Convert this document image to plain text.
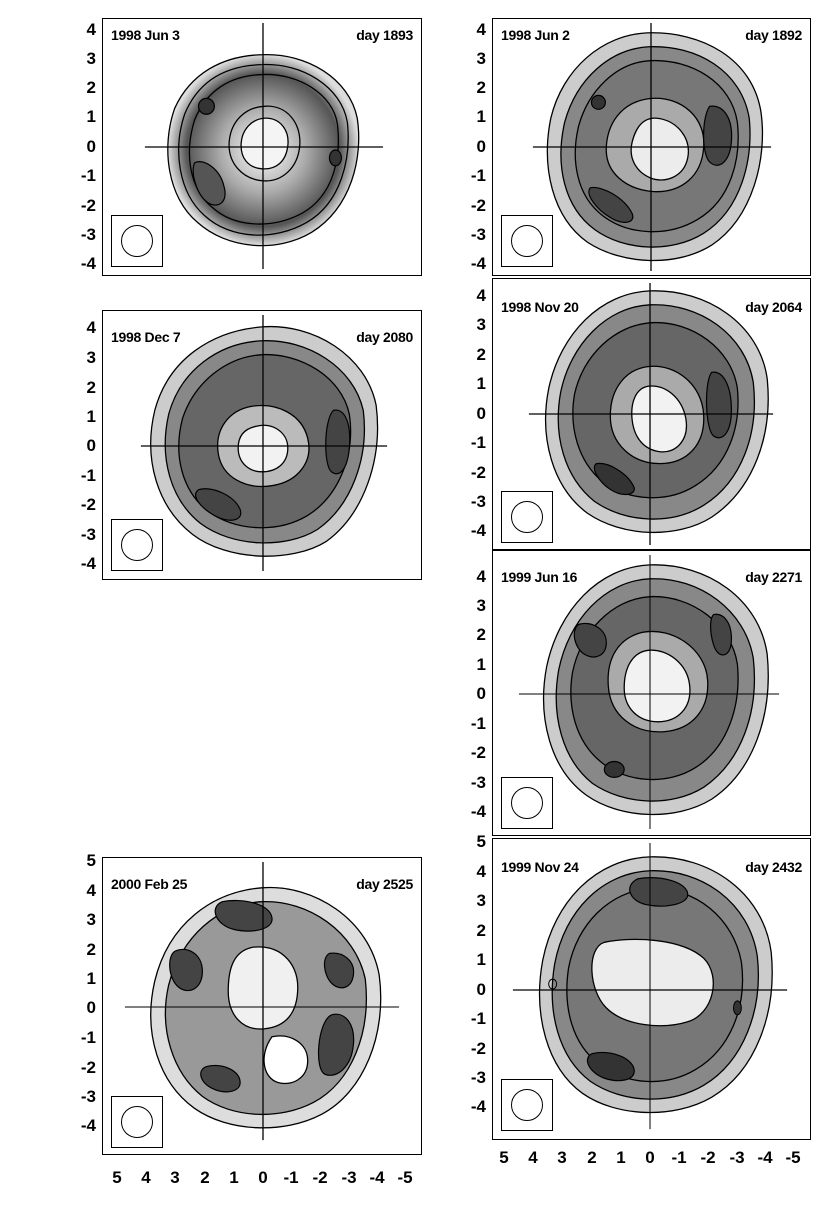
1998 Jun 3	day 1893
4
3
2
1
0
-1
-2
-3
-4
1998 Jun 2	day 1892
4
3
2
1
0
-1
-2
-3
-4
1998 Dec 7	day 2080
4
3
2
1
0
-1
-2
-3
-4
1998 Nov 20	day 2064
4
3
2
1
0
-1
-2
-3
-4
1999 Jun 16	day 2271
4
3
2
1
0
-1
-2
-3
-4
2000 Feb 25	day 2525
5
4
3
2
1
0
-1
-2
-3
-4
1999 Nov 24	day 2432
5
4
3
2
1
0
-1
-2
-3
-4
5	4	3	2	1	0 -1 -2 -3 -4 -5
5	4	3	2	1	0 -1 -2 -3 -4 -5
